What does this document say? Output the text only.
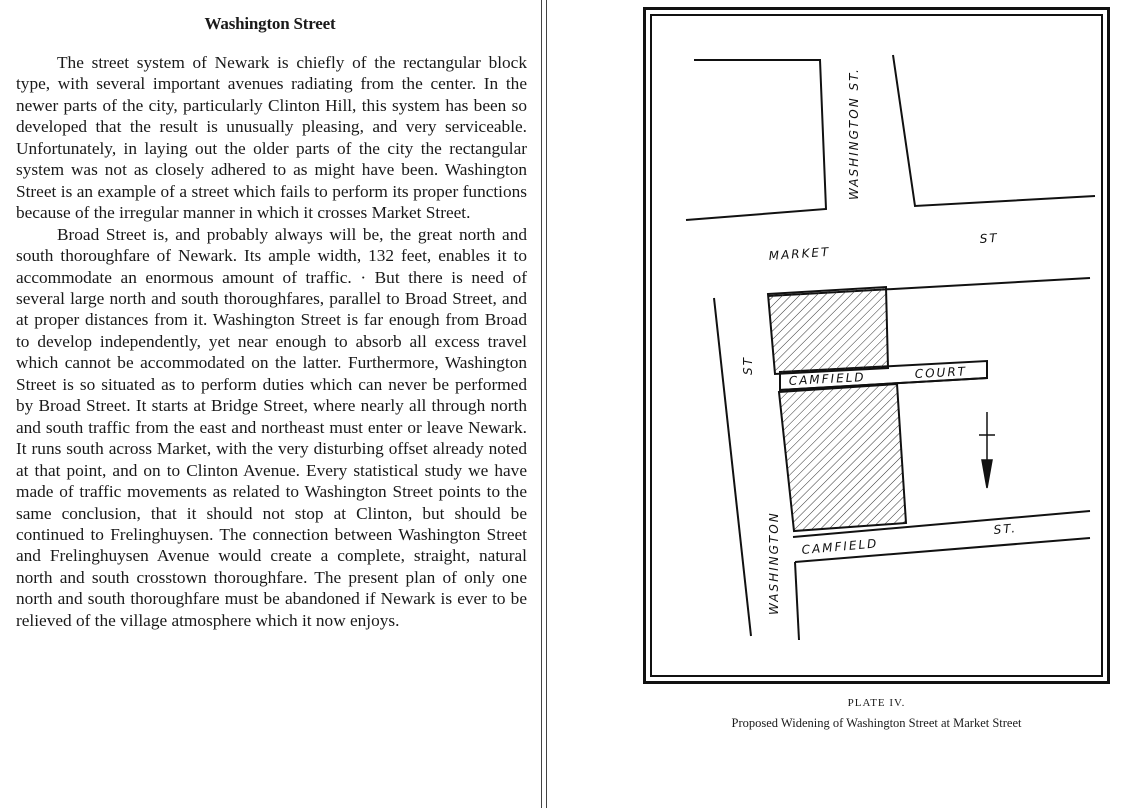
Washington Street

The street system of Newark is chiefly of the rectangular block type, with several important avenues radiating from the center. In the newer parts of the city, particularly Clinton Hill, this system has been so developed that the result is unusually pleasing, and very serviceable. Unfortunately, in laying out the older parts of the city the rectangular system was not as closely adhered to as might have been. Washington Street is an example of a street which fails to perform its proper functions because of the irregular manner in which it crosses Market Street.

Broad Street is, and probably always will be, the great north and south thoroughfare of Newark. Its ample width, 132 feet, enables it to accommodate an enormous amount of traffic. · But there is need of several large north and south thoroughfares, parallel to Broad Street, and at proper distances from it. Washington Street is far enough from Broad to develop independently, yet near enough to absorb all excess travel which cannot be accommodated on the latter. Furthermore, Washington Street is so situated as to perform duties which can never be performed by Broad Street. It starts at Bridge Street, where nearly all through north and south traffic from the east and northeast must enter or leave Newark. It runs south across Market, with the very disturbing offset already noted at that point, and on to Clinton Avenue. Every statistical study we have made of traffic movements as related to Washington Street points to the same conclusion, that it should not stop at Clinton, but should be continued to Frelinghuysen. The connection between Washington Street and Frelinghuysen Avenue would create a complete, straight, natural north and south crosstown thoroughfare. The present plan of only one north and south thoroughfare must be abandoned if Newark is ever to be relieved of the village atmosphere which it now enjoys.

WASHINGTON ST.
MARKET
ST
ST
CAMFIELD	COURT
WASHINGTON CAMFIELD
ST.
PLATE IV.
Proposed Widening of Washington Street at Market Street
